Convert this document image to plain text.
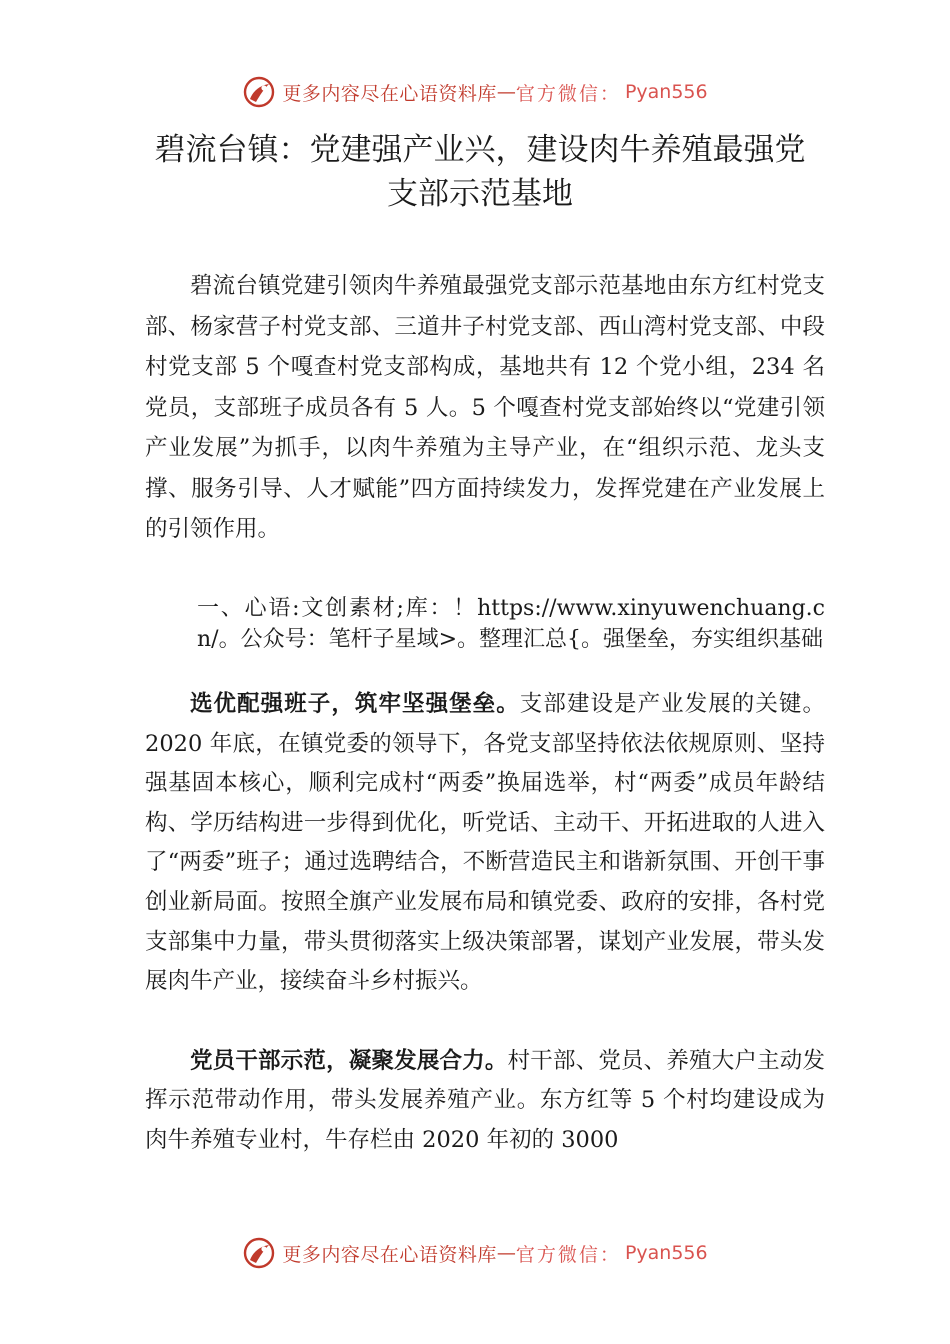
更多内容尽在心语资料库 — 官方微信： Pyan556
碧流台镇：党建强产业兴，建设肉牛养殖最强党支部示范基地

碧流台镇党建引领肉牛养殖最强党支部示范基地由东方红村党支部、杨家营子村党支部、三道井子村党支部、西山湾村党支部、中段村党支部 5 个嘎查村党支部构成，基地共有 12 个党小组，234 名党员，支部班子成员各有 5 人。5 个嘎查村党支部始终以“党建引领产业发展”为抓手，以肉牛养殖为主导产业，在“组织示范、龙头支撑、服务引导、人才赋能”四方面持续发力，发挥党建在产业发展上的引领作用。

一、心语:文创素材;库：！https://www.xinyuwenchuang.cn/。公众号：笔杆子星域>。整理汇总{。强堡垒，夯实组织基础

选优配强班子，筑牢坚强堡垒。支部建设是产业发展的关键。2020 年底，在镇党委的领导下，各党支部坚持依法依规原则、坚持强基固本核心，顺利完成村“两委”换届选举，村“两委”成员年龄结构、学历结构进一步得到优化，听党话、主动干、开拓进取的人进入了“两委”班子；通过选聘结合，不断营造民主和谐新氛围、开创干事创业新局面。按照全旗产业发展布局和镇党委、政府的安排，各村党支部集中力量，带头贯彻落实上级决策部署，谋划产业发展，带头发展肉牛产业，接续奋斗乡村振兴。

党员干部示范，凝聚发展合力。村干部、党员、养殖大户主动发挥示范带动作用，带头发展养殖产业。东方红等 5 个村均建设成为肉牛养殖专业村，牛存栏由 2020 年初的 3000

更多内容尽在心语资料库 — 官方微信： Pyan556
